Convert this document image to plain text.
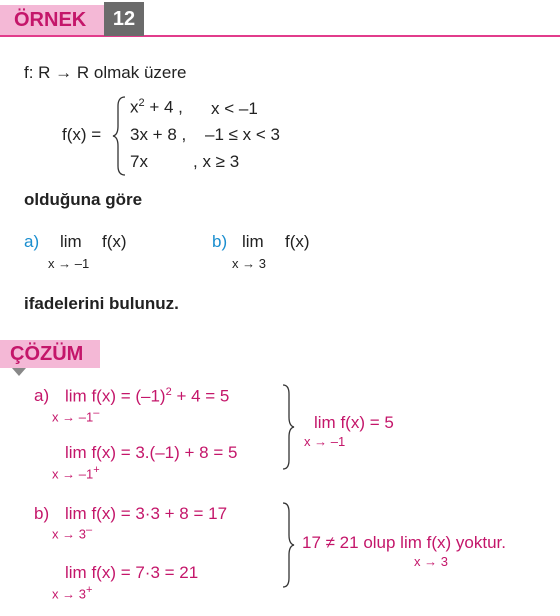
ÖRNEK	12
f: R → R olmak üzere
f(x) =
$x^2 + 4$ , x < –1
3x + 8 , –1 ≤ x < 3
7x	, x ≥ 3
olduğuna göre
a) lim f(x)
x → –1
b) lim f(x)
x → 3
ifadelerini bulunuz.
ÇÖZÜM
a) $\lim f(x) = (-1)^2 + 4 = 5$
x → –1–
lim f(x) = 3.(–1) + 8 = 5
x → –1+
lim f(x) = 5
x → –1
b) lim f(x) = 3·3 + 8 = 17
x → 3–
lim f(x) = 7·3 = 21
x → 3+
17 ≠ 21 olup lim f(x) yoktur.
x → 3
